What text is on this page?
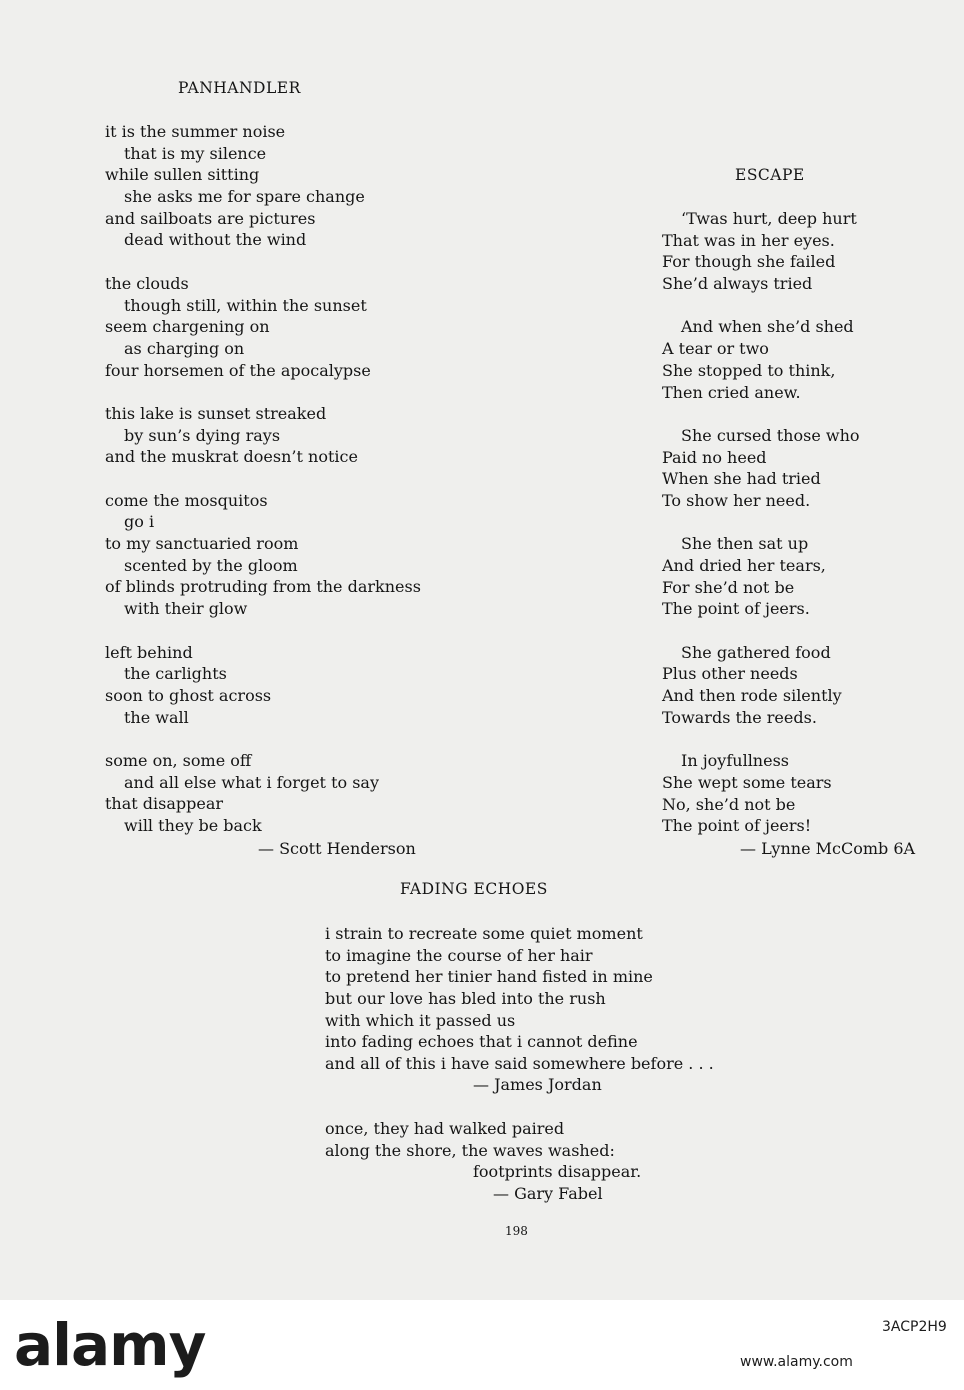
PANHANDLER
it is the summer noise
that is my silence
while sullen sitting
she asks me for spare change
and sailboats are pictures
dead without the wind
the clouds
though still, within the sunset
seem chargening on
as charging on
four horsemen of the apocalypse
this lake is sunset streaked
by sun’s dying rays
and the muskrat doesn’t notice
come the mosquitos
go i
to my sanctuaried room
scented by the gloom
of blinds protruding from the darkness
with their glow
left behind
the carlights
soon to ghost across
the wall
some on, some off
and all else what i forget to say
that disappear
will they be back
— Scott Henderson
ESCAPE
‘Twas hurt, deep hurt
That was in her eyes.
For though she failed
She’d always tried
And when she’d shed
A tear or two
She stopped to think,
Then cried anew.
She cursed those who
Paid no heed
When she had tried
To show her need.
She then sat up
And dried her tears,
For she’d not be
The point of jeers.
She gathered food
Plus other needs
And then rode silently
Towards the reeds.
In joyfullness
She wept some tears
No, she’d not be
The point of jeers!
— Lynne McComb 6A
FADING ECHOES
i strain to recreate some quiet moment
to imagine the course of her hair
to pretend her tinier hand fisted in mine
but our love has bled into the rush
with which it passed us
into fading echoes that i cannot define
and all of this i have said somewhere before . . .
— James Jordan
once, they had walked paired
along the shore, the waves washed:
footprints disappear.
— Gary Fabel
198
alamy	3ACP2H9
www.alamy.com
